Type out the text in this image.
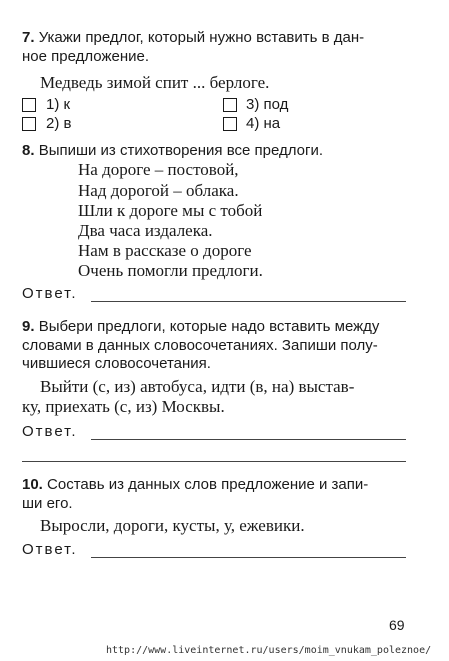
7. Укажи предлог, который нужно вставить в дан-
ное предложение.
Медведь зимой спит ... берлоге.
1) к	3) под
2) в	4) на
8. Выпиши из стихотворения все предлоги.
На дороге – постовой,
Над дорогой – облака.
Шли к дороге мы с тобой
Два часа издалека.
Нам в рассказе о дороге
Очень помогли предлоги.
Ответ.
9. Выбери предлоги, которые надо вставить между
словами в данных словосочетаниях. Запиши полу-
чившиеся словосочетания.
Выйти (с, из) автобуса, идти (в, на) выстав-
ку, приехать (с, из) Москвы.
Ответ.
10. Составь из данных слов предложение и запи-
ши его.
Выросли, дороги, кусты, у, ежевики.
Ответ.
69
http://www.liveinternet.ru/users/moim_vnukam_poleznoe/
